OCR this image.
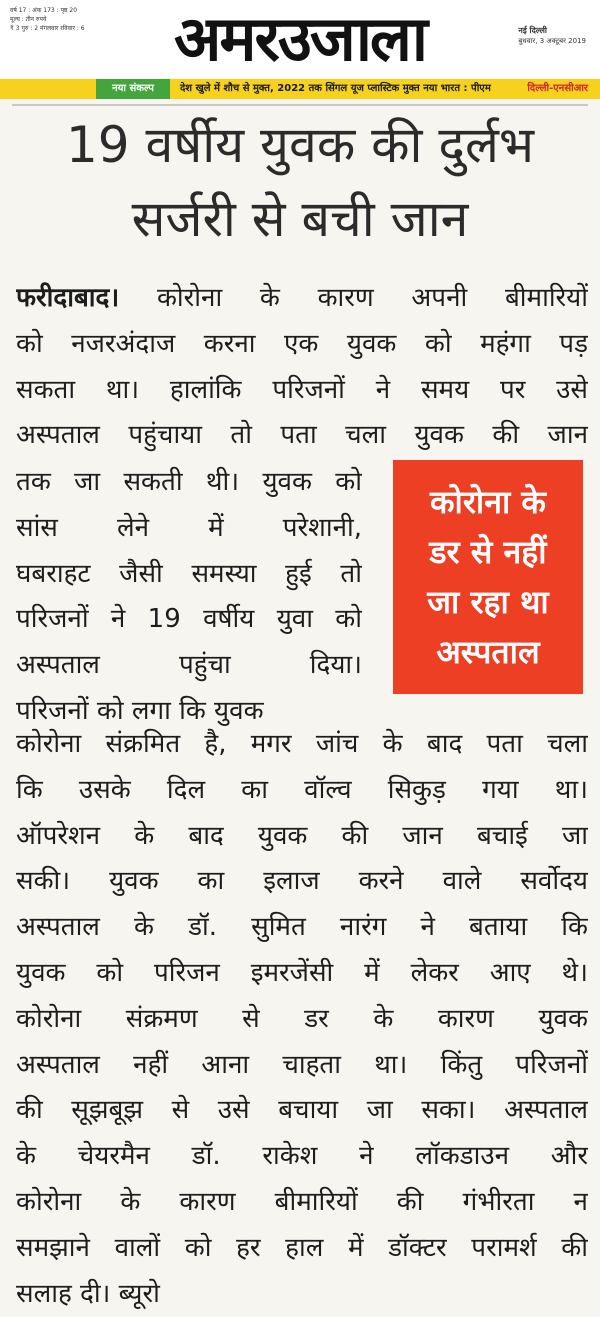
वर्ष 17 : अंक 173 : पृष्ठ 20
मूल्य : तीन रुपये
₹ 3 गुरु : 2 मंगलवार रविवार : 6	अमरउजाला	नई दिल्ली
बुधवार, 3 अक्टूबर 2019
नया संकल्प	देश खुले में शौच से मुक्त, 2022 तक सिंगल यूज प्लास्टिक मुक्त नया भारत : पीएम	दिल्ली-एनसीआर
19 वर्षीय युवक की दुर्लभ
सर्जरी से बची जान
फरीदाबाद। कोरोना के कारण अपनी बीमारियों
को नजरअंदाज करना एक युवक को महंगा पड़
सकता था। हालांकि परिजनों ने समय पर उसे
अस्पताल पहुंचाया तो पता चला युवक की जान
तक जा सकती थी। युवक को
सांस लेने में परेशानी,
घबराहट जैसी समस्या हुई तो
परिजनों ने 19 वर्षीय युवा को
अस्पताल पहुंचा दिया।
परिजनों को लगा कि युवक
कोरोना के
डर से नहीं
जा रहा था
अस्पताल
कोरोना संक्रमित है, मगर जांच के बाद पता चला
कि उसके दिल का वॉल्व सिकुड़ गया था।
ऑपरेशन के बाद युवक की जान बचाई जा
सकी। युवक का इलाज करने वाले सर्वोदय
अस्पताल के डॉ. सुमित नारंग ने बताया कि
युवक को परिजन इमरजेंसी में लेकर आए थे।
कोरोना संक्रमण से डर के कारण युवक
अस्पताल नहीं आना चाहता था। किंतु परिजनों
की सूझबूझ से उसे बचाया जा सका। अस्पताल
के चेयरमैन डॉ. राकेश ने लॉकडाउन और
कोरोना के कारण बीमारियों की गंभीरता न
समझाने वालों को हर हाल में डॉक्टर परामर्श की
सलाह दी। ब्यूरो
